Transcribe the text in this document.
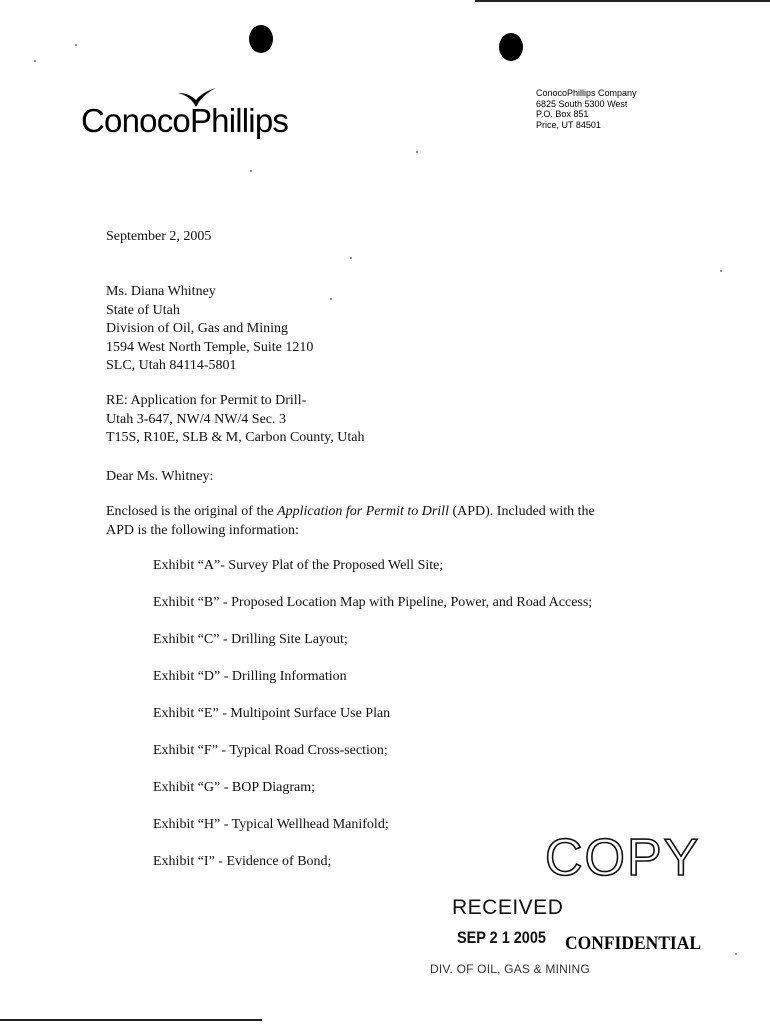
ConocoPhillips
ConocoPhillips Company
6825 South 5300 West
P.O. Box 851
Price, UT 84501
September 2, 2005
Ms. Diana Whitney
State of Utah
Division of Oil, Gas and Mining
1594 West North Temple, Suite 1210
SLC, Utah 84114-5801
RE: Application for Permit to Drill-
Utah 3-647, NW/4 NW/4 Sec. 3
T15S, R10E, SLB & M, Carbon County, Utah
Dear Ms. Whitney:
Enclosed is the original of the Application for Permit to Drill (APD). Included with the
APD is the following information:
Exhibit “A”- Survey Plat of the Proposed Well Site;
Exhibit “B” - Proposed Location Map with Pipeline, Power, and Road Access;
Exhibit “C” - Drilling Site Layout;
Exhibit “D” - Drilling Information
Exhibit “E” - Multipoint Surface Use Plan
Exhibit “F” - Typical Road Cross-section;
Exhibit “G” - BOP Diagram;
Exhibit “H” - Typical Wellhead Manifold;
Exhibit “I” - Evidence of Bond;	COPY
RECEIVED
SEP 2 1 2005 CONFIDENTIAL
DIV. OF OIL, GAS & MINING
